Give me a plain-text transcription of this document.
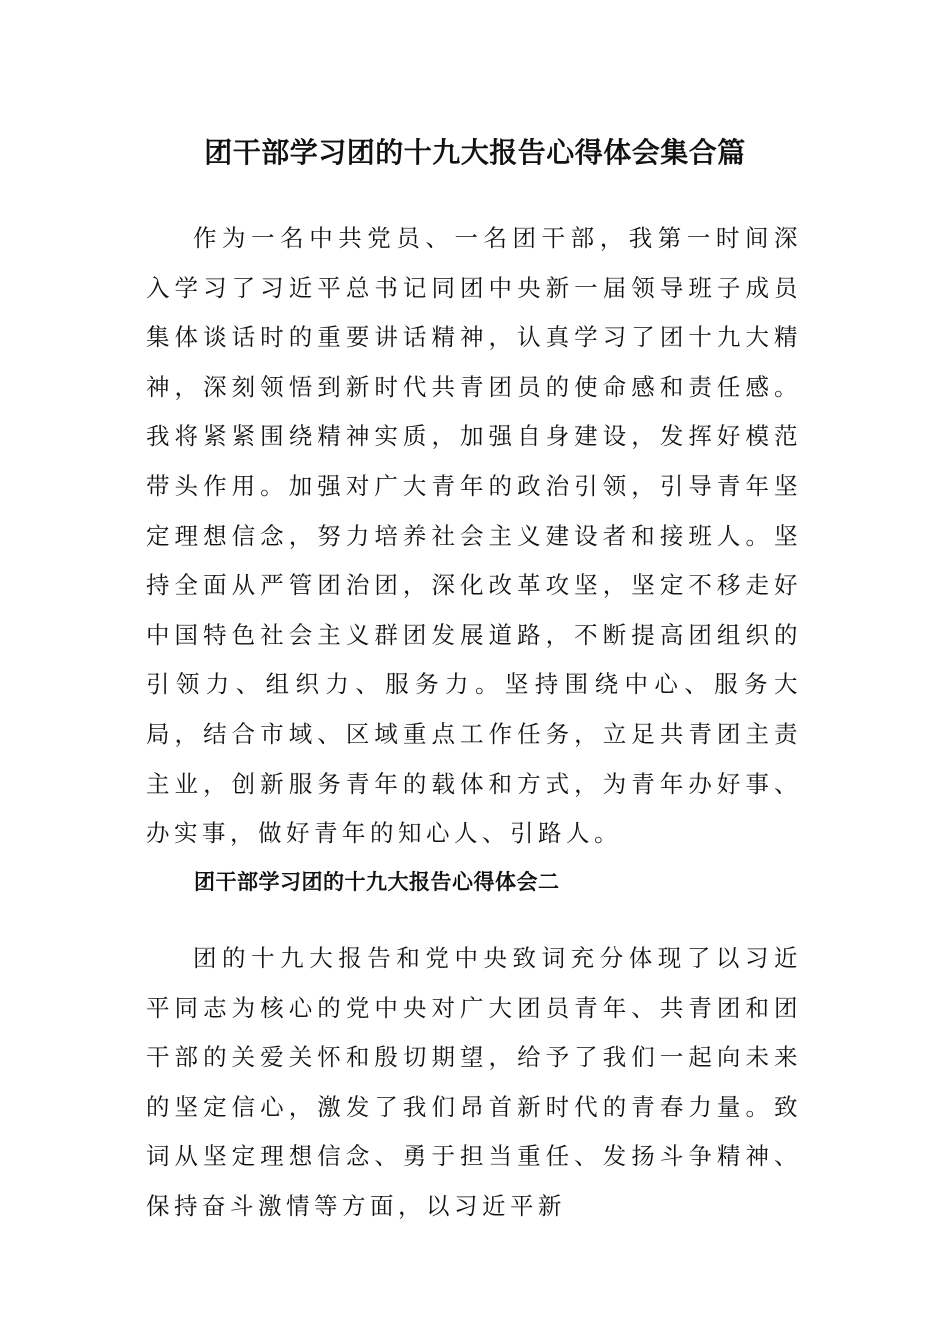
团干部学习团的十九大报告心得体会集合篇

作为一名中共党员、一名团干部，我第一时间深入学习了习近平总书记同团中央新一届领导班子成员集体谈话时的重要讲话精神，认真学习了团十九大精神，深刻领悟到新时代共青团员的使命感和责任感。我将紧紧围绕精神实质，加强自身建设，发挥好模范带头作用。加强对广大青年的政治引领，引导青年坚定理想信念，努力培养社会主义建设者和接班人。坚持全面从严管团治团，深化改革攻坚，坚定不移走好中国特色社会主义群团发展道路，不断提高团组织的引领力、组织力、服务力。坚持围绕中心、服务大局，结合市域、区域重点工作任务，立足共青团主责主业，创新服务青年的载体和方式，为青年办好事、办实事，做好青年的知心人、引路人。

团干部学习团的十九大报告心得体会二

团的十九大报告和党中央致词充分体现了以习近平同志为核心的党中央对广大团员青年、共青团和团干部的关爱关怀和殷切期望，给予了我们一起向未来的坚定信心，激发了我们昂首新时代的青春力量。致词从坚定理想信念、勇于担当重任、发扬斗争精神、保持奋斗激情等方面，以习近平新
